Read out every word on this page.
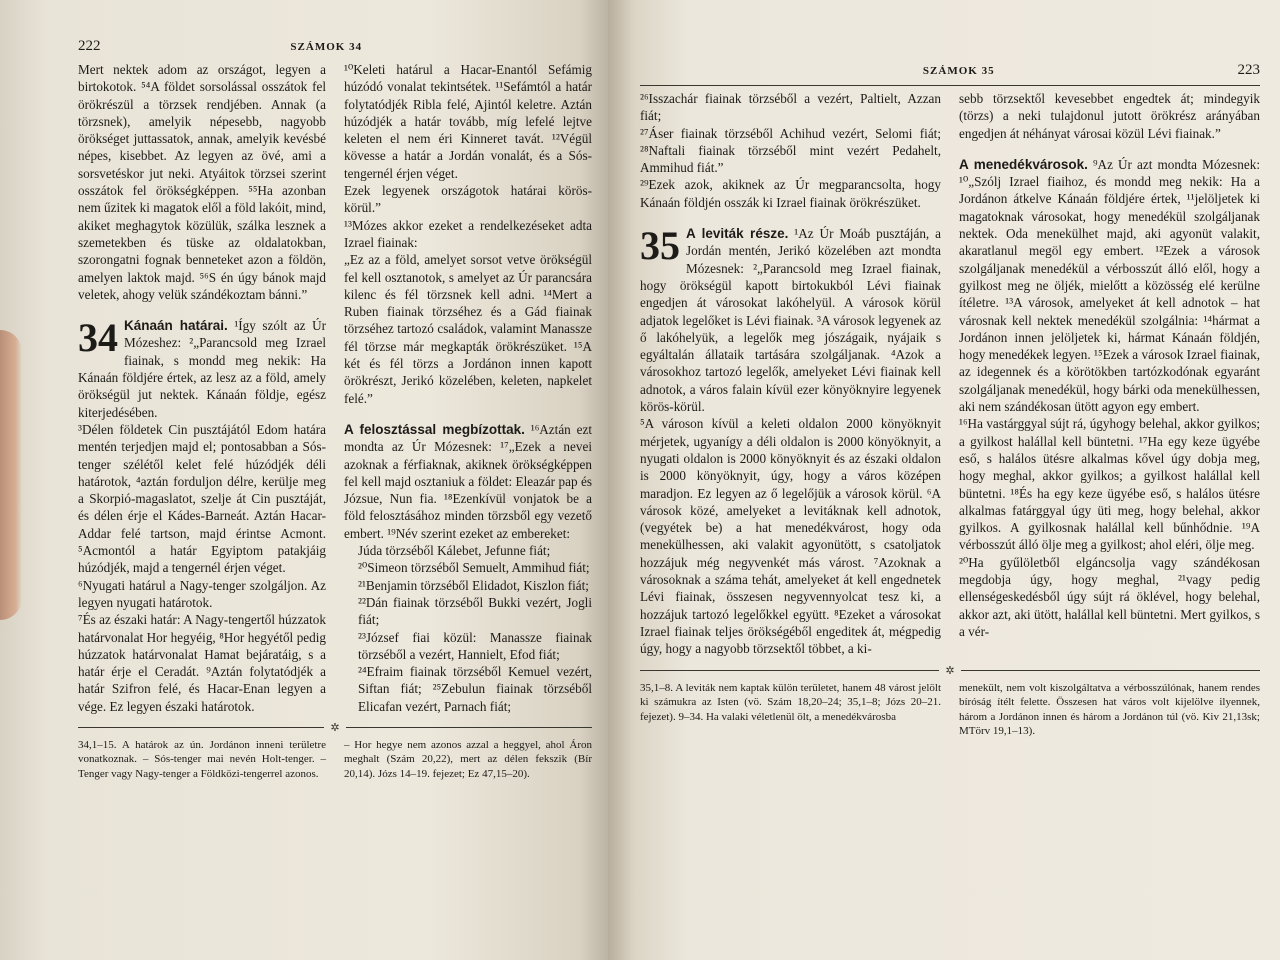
222	SZÁMOK 34

Mert nektek adom az országot, legyen a birtokotok. ⁵⁴A földet sorsolással osszátok fel örökrészül a törzsek rendjében. Annak (a törzsnek), amelyik népesebb, nagyobb örökséget juttassatok, annak, amelyik kevésbé népes, kisebbet. Az legyen az övé, ami a sorsvetéskor jut neki. Atyáitok törzsei szerint osszátok fel örökségképpen. ⁵⁵Ha azonban nem űzitek ki magatok elől a föld lakóit, mind, akiket meghagytok közülük, szálka lesznek a szemetekben és tüske az oldalatokban, szorongatni fognak benneteket azon a földön, amelyen laktok majd. ⁵⁶S én úgy bánok majd veletek, ahogy velük szándékoztam bánni.”

34 Kánaán határai. ¹Így szólt az Úr Mózeshez: ²„Parancsold meg Izrael fiainak, s mondd meg nekik: Ha Kánaán földjére értek, az lesz az a föld, amely örökségül jut nektek. Kánaán földje, egész kiterjedésében.

³Délen földetek Cin pusztájától Edom határa mentén terjedjen majd el; pontosabban a Sós-tenger szélétől kelet felé húzódjék déli határotok, ⁴aztán forduljon délre, kerülje meg a Skorpió-magaslatot, szelje át Cin pusztáját, és délen érje el Kádes-Barneát. Aztán Hacar-Addar felé tartson, majd érintse Acmont. ⁵Acmontól a határ Egyiptom patakjáig húzódjék, majd a tengernél érjen véget.

⁶Nyugati határul a Nagy-tenger szolgáljon. Az legyen nyugati határotok.

⁷És az északi határ: A Nagy-tengertől húzzatok határvonalat Hor hegyéig, ⁸Hor hegyétől pedig húzzatok határvonalat Hamat bejáratáig, s a határ érje el Ceradát. ⁹Aztán folytatódjék a határ Szifron felé, és Hacar-Enan legyen a vége. Ez legyen északi határotok.

¹⁰Keleti határul a Hacar-Enantól Sefámig húzódó vonalat tekintsétek. ¹¹Sefámtól a határ folytatódjék Ribla felé, Ajintól keletre. Aztán húzódjék a határ tovább, míg lefelé lejtve keleten el nem éri Kinneret tavát. ¹²Végül kövesse a határ a Jordán vonalát, és a Sós-tengernél érjen véget.

Ezek legyenek országotok határai körös-körül.”

¹³Mózes akkor ezeket a rendelkezéseket adta Izrael fiainak:

„Ez az a föld, amelyet sorsot vetve örökségül fel kell osztanotok, s amelyet az Úr parancsára kilenc és fél törzsnek kell adni. ¹⁴Mert a Ruben fiainak törzséhez és a Gád fiainak törzséhez tartozó családok, valamint Manassze fél törzse már megkapták örökrészüket. ¹⁵A két és fél törzs a Jordánon innen kapott örökrészt, Jerikó közelében, keleten, napkelet felé.”

A felosztással megbízottak. ¹⁶Aztán ezt mondta az Úr Mózesnek: ¹⁷„Ezek a nevei azoknak a férfiaknak, akiknek örökségképpen fel kell majd osztaniuk a földet: Eleazár pap és Józsue, Nun fia. ¹⁸Ezenkívül vonjatok be a föld felosztásához minden törzsből egy vezető embert. ¹⁹Név szerint ezeket az embereket:

Júda törzséből Kálebet, Jefunne fiát;

²⁰Simeon törzséből Semuelt, Ammihud fiát;

²¹Benjamin törzséből Elidadot, Kiszlon fiát;

²²Dán fiainak törzséből Bukki vezért, Jogli fiát;

²³József fiai közül: Manassze fiainak törzséből a vezért, Hannielt, Efod fiát;

²⁴Efraim fiainak törzséből Kemuel vezért, Siftan fiát; ²⁵Zebulun fiainak törzséből Elicafan vezért, Parnach fiát;

✲

34,1–15. A határok az ún. Jordánon inneni területre vonatkoznak. – Sós-tenger mai nevén Holt-tenger. – Tenger vagy Nagy-tenger a Földközi-tengerrel azonos.

– Hor hegye nem azonos azzal a heggyel, ahol Áron meghalt (Szám 20,22), mert az délen fekszik (Bír 20,14). Józs 14–19. fejezet; Ez 47,15–20).

SZÁMOK 35	223

²⁶Isszachár fiainak törzséből a vezért, Paltielt, Azzan fiát;

²⁷Áser fiainak törzséből Achihud vezért, Selomi fiát; ²⁸Naftali fiainak törzséből mint vezért Pedahelt, Ammihud fiát.”

²⁹Ezek azok, akiknek az Úr megparancsolta, hogy Kánaán földjén osszák ki Izrael fiainak örökrészüket.

35 A leviták része. ¹Az Úr Moáb pusztáján, a Jordán mentén, Jerikó közelében azt mondta Mózesnek: ²„Parancsold meg Izrael fiainak, hogy örökségül kapott birtokukból Lévi fiainak engedjen át városokat lakóhelyül. A városok körül adjatok legelőket is Lévi fiainak. ³A városok legyenek az ő lakóhelyük, a legelők meg jószágaik, nyájaik s egyáltalán állataik tartására szolgáljanak. ⁴Azok a városokhoz tartozó legelők, amelyeket Lévi fiainak kell adnotok, a város falain kívül ezer könyöknyire legyenek körös-körül.

⁵A városon kívül a keleti oldalon 2000 könyöknyit mérjetek, ugyanígy a déli oldalon is 2000 könyöknyit, a nyugati oldalon is 2000 könyöknyit és az északi oldalon is 2000 könyöknyit, úgy, hogy a város középen maradjon. Ez legyen az ő legelőjük a városok körül. ⁶A városok közé, amelyeket a levitáknak kell adnotok, (vegyétek be) a hat menedékvárost, hogy oda menekülhessen, aki valakit agyonütött, s csatoljatok hozzájuk még negyvenkét más várost. ⁷Azoknak a városoknak a száma tehát, amelyeket át kell engednetek Lévi fiainak, összesen negyvennyolcat tesz ki, a hozzájuk tartozó legelőkkel együtt. ⁸Ezeket a városokat Izrael fiainak teljes örökségéből engeditek át, mégpedig úgy, hogy a nagyobb törzsektől többet, a ki-

sebb törzsektől kevesebbet engedtek át; mindegyik (törzs) a neki tulajdonul jutott örökrész arányában engedjen át néhányat városai közül Lévi fiainak.”

A menedékvárosok. ⁹Az Úr azt mondta Mózesnek: ¹⁰„Szólj Izrael fiaihoz, és mondd meg nekik: Ha a Jordánon átkelve Kánaán földjére értek, ¹¹jelöljetek ki magatoknak városokat, hogy menedékül szolgáljanak nektek. Oda menekülhet majd, aki agyonüt valakit, akaratlanul megöl egy embert. ¹²Ezek a városok szolgáljanak menedékül a vérbosszút álló elől, hogy a gyilkost meg ne öljék, mielőtt a közösség elé kerülne ítéletre. ¹³A városok, amelyeket át kell adnotok – hat városnak kell nektek menedékül szolgálnia: ¹⁴hármat a Jordánon innen jelöljetek ki, hármat Kánaán földjén, hogy menedékek legyen. ¹⁵Ezek a városok Izrael fiainak, az idegennek és a körötökben tartózkodónak egyaránt szolgáljanak menedékül, hogy bárki oda menekülhessen, aki nem szándékosan ütött agyon egy embert.

¹⁶Ha vastárggyal sújt rá, úgyhogy belehal, akkor gyilkos; a gyilkost halállal kell büntetni. ¹⁷Ha egy keze ügyébe eső, s halálos ütésre alkalmas kővel úgy dobja meg, hogy meghal, akkor gyilkos; a gyilkost halállal kell büntetni. ¹⁸És ha egy keze ügyébe eső, s halálos ütésre alkalmas fatárggyal úgy üti meg, hogy belehal, akkor gyilkos. A gyilkosnak halállal kell bűnhődnie. ¹⁹A vérbosszút álló ölje meg a gyilkost; ahol eléri, ölje meg.

²⁰Ha gyűlöletből elgáncsolja vagy szándékosan megdobja úgy, hogy meghal, ²¹vagy pedig ellenségeskedésből úgy sújt rá öklével, hogy belehal, akkor azt, aki ütött, halállal kell büntetni. Mert gyilkos, s a vér-

✲

35,1–8. A leviták nem kaptak külön területet, hanem 48 várost jelölt ki számukra az Isten (vö. Szám 18,20–24; 35,1–8; Józs 20–21. fejezet). 9–34. Ha valaki véletlenül ölt, a menedékvárosba

menekült, nem volt kiszolgáltatva a vérbosszúlónak, hanem rendes bíróság ítélt felette. Összesen hat város volt kijelölve ilyennek, három a Jordánon innen és három a Jordánon túl (vö. Kiv 21,13sk; MTörv 19,1–13).
